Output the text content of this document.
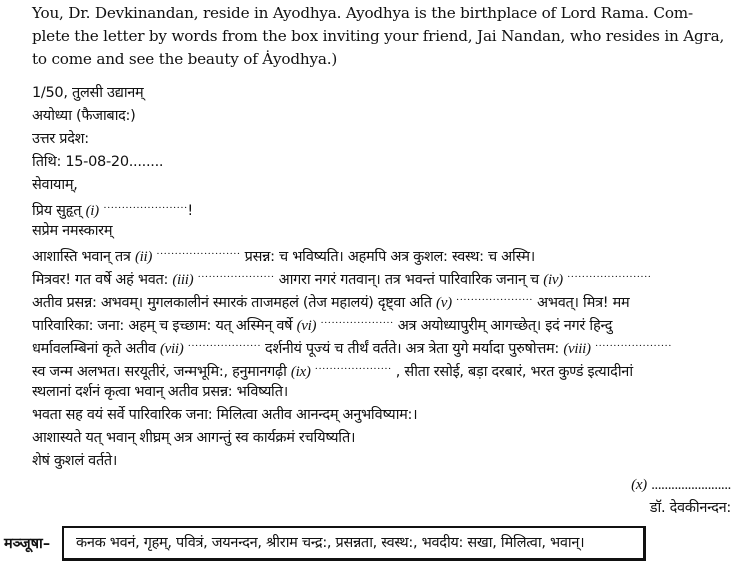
You, Dr. Devkinandan, reside in Ayodhya. Ayodhya is the birthplace of Lord Rama. Com-
plete the letter by words from the box inviting your friend, Jai Nandan, who resides in Agra,
to come and see the beauty of Ȧyodhya.)
1/50, तुलसी उद्यानम्
अयोध्या (फैजाबाद:)
उत्तर प्रदेश:
तिथि: 15-08-20........
सेवायाम्,
प्रिय सुहृत् (i) ·······················!
सप्रेम नमस्कारम्
आशास्ति भवान् तत्र (ii) ······················· प्रसन्न: च भविष्यति। अहमपि अत्र कुशल: स्वस्थ: च अस्मि।
मित्रवर! गत वर्षे अहं भवत: (iii) ····················· आगरा नगरं गतवान्। तत्र भवन्तं पारिवारिक जनान् च (iv) ·······················
अतीव प्रसन्न: अभवम्। मुगलकालीनं स्मारकं ताजमहलं (तेज महालयं) दृष्ट्वा अति (v) ····················· अभवत्। मित्र! मम
पारिवारिका: जना: अहम् च इच्छाम: यत् अस्मिन् वर्षे (vi) ···················· अत्र अयोध्यापुरीम् आगच्छेत्। इदं नगरं हिन्दु
धर्मावलम्बिनां कृते अतीव (vii) ···················· दर्शनीयं पूज्यं च तीर्थं वर्तते। अत्र त्रेता युगे मर्यादा पुरुषोत्तम: (viii) ·····················
स्व जन्म अलभत। सरयूतीरं, जन्मभूमि:, हनुमानगढ़ी (ix) ····················· , सीता रसोई, बड़ा दरबारं, भरत कुण्डं इत्यादीनां
स्थलानां दर्शनं कृत्वा भवान् अतीव प्रसन्न: भविष्यति।
भवता सह वयं सर्वे पारिवारिक जना: मिलित्वा अतीव आनन्दम् अनुभविष्याम:।
आशास्यते यत् भवान् शीघ्रम् अत्र आगन्तुं स्व कार्यक्रमं रचयिष्यति।
शेषं कुशलं वर्तते।
(x) ........................
डॉ. देवकीनन्दन:
मञ्जूषा– कनक भवनं, गृहम्, पवित्रं, जयनन्दन, श्रीराम चन्द्र:, प्रसन्नता, स्वस्थ:, भवदीय: सखा, मिलित्वा, भवान्।
